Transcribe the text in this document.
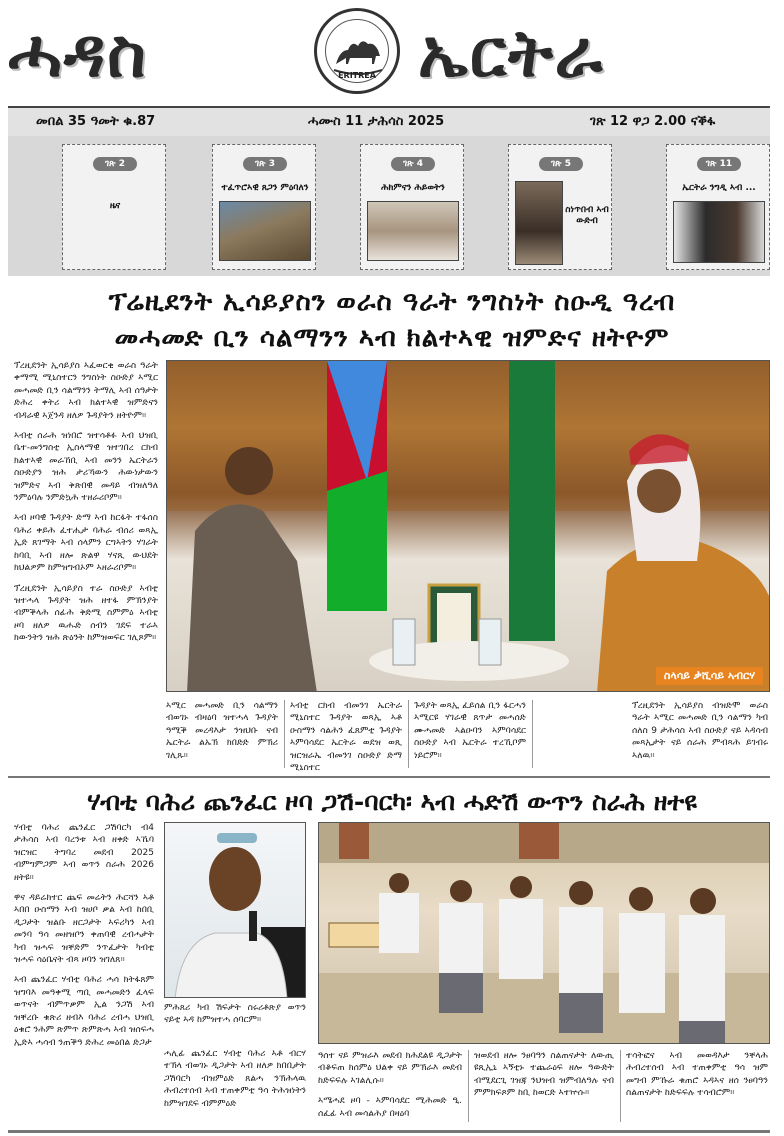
ሓዳስ	ERITREA ኤርትራ
መበል 35 ዓመት ቁ.87	ሓሙስ 11 ታሕሳስ 2025	ገጽ 12 ዋጋ 2.00 ናቕፋ
ገጽ 2
ዜና
ገጽ 3
ተፈጥሮኣዊ ጸጋን ምዕባለን
ገጽ 4
ሕክምናን ሕይወትን
ገጽ 5
ስነጥበብ ኣብ ውድብ
ገጽ 11
ኤርትራ ንግዲ ኣብ ...
ፕሬዚደንት ኢሳይያስን ወራስ ዓራት ንግስነት ስዑዲ ዓረብ
መሓመድ ቢን ሳልማንን ኣብ ክልተኣዊ ዝምድና ዘትዮም

ፕረዚደንት ኢሳይያስ ኣፈወርቂ ወራስ ዓራት ቀማሚ ሚኒስተርን ንግስነት ስዑድያ ኣሚር መሓመድ ቢን ሳልማንን ትማሊ ኣብ ሰዓታት ድሕረ ቀትሪ ኣብ ክልተኣዊ ዝምድናን ብዳራዊ ኣጀንዳ ዘለዎ ጉዳያትን ዘትዮም።

ኣብቲ ሰራሕ ዝነበሮ ዝተሳቶፉ ኣብ ህዝቢ ቤተ-መንግስቲ ኢስላማዊ ዝተገበረ ርክብ ክልተኣዊ መራኸቢ ኣብ መንን ኤርትራን ስዑድያን ዝሕ ታሪኻውን ሕውነታውን ዝምድና ኣብ ቅጽበዊ መዳይ ብዝለዓለ ንምዕባሉ ንምድኳሕ ተዘራሪቦም።

ኣብ ዞባዊ ጉዳያት ድማ ኣብ ከርፋት ተፋሰስ ባሕሪ ቀይሕ ፈተሒታ ባሕራ ብሰሪ ወጻኢ ኢድ ጸገማት ኣብ ሰላምን ርግኣትን ሃገራት ከባቢ ኣብ ዘሎ ጽልዋ ሃናጺ ውህደት ክህልዎም ከምዝግብኦም ኣዘራሪቦም።

ፕረዚደንት ኢሳይያስ ተራ ስዑድያ ኣብቲ ዝተሓላ ጉዳያት ዝሕ ዘተፋ ምኽንያት ብምቕላሕ ሰፊሕ ቅድሚ ስምምዕ ኣብቲ ዞባ ዘለዎ ዉሑድ ሰብን ገደፍ ተራኣ ክውንትን ዝሕ ጽዕንት ከምዝወፍር ገሊጾም።

ስላሳይ ቃሺሳይ ኣብርሃ
ኣሚር መሓመድ ቢን ሳልማን ብወገኑ ብዛዕባ ዝተሓላ ጉዳያት ዓሚቕ መረዳእታ ንዝህቡ ናብ ኤርትራ ልኡኽ ክበድድ ምኽሪ ገሊጹ።
ኣብቲ ርክብ ብመንገ ኤርትራ ሚኒስተር ጉዳያት ወጻኢ ኣቶ ዑስማን ሳልሕን ፈጸምቲ ጉዳያት ኣምባሳደር ኤርትራ ወደዝ ወጺ ዝርዝራኤ ብመንገ ስዑድያ ድማ ሚኒስተር
ጉዳያት ወጻኢ ፈይሰል ቢን ፋርሓን ኣሚርዩ ሃገራዊ ጸጥታ መሓሰድ ሙሓመድ ኣልዑባን ኣምባሳደር ስዑድያ ኣብ ኤርትራ ተረኺቦም ነይሮም።
ፕረዚደንት ኢሳይያስ ብዝድሞ ወራስ ዓራት ኣሚር መሓመድ ቢን ሳልማን ካብ ሰለስ 9 ታሕሳስ ኣብ ስዑድያ ናይ ኣዳሳብ መጻኢታት ናይ ሰራሕ ምብጻሕ ይገብሩ ኣለዉ።
ሃብቲ ባሕሪ ጨንፈር ዞባ ጋሽ-ባርካ፡ ኣብ ሓድሽ ውጥን ስራሕ ዘተዩ

ሃብቲ ባሕሪ ጨንፈር ጋሽባርካ ብ4 ታሕሳስ ኣብ ባረንቱ ኣብ ዘቀድ ኣኼባ ዝርዝር ትግባረ መደብ 2025 ብምግምጋም ኣብ ወጥን ስራሕ 2026 ዘትዩ።

ዋና ዳይሬክተር ጨፍ መሬትን ሕርሻን ኣቶ ኣበበ ዑስማን ኣብ ዝሀቦ ቃል ኣብ ከበቢ ዲጋታት ዝልቡ ዘርጋታት ኣፍሪካን ኣብ መንባ ዓሳ መዘዝቦን ቀጠባዊ ረብሓታት ካብ ዝሓፍ ዝቐድም ንጥፈታት ካብቲ ዝሓፍ ሳዕቤናት ብጻ ዞባን ዝገለጸ።

ኣብ ጨንፈር ሃብቲ ባሕሪ ሓሳ ክትፋጸም ዝግባእ መዓቀሚ ጣቢ መሓመድን ፈላፍ ወጥናት ብምጥቃም ኢል ንጋሽ ኣብ ዝቐረቡ ቁጽሪ ዘብእ ባሕሪ ረብሓ ህዝቢ ዕቁሮ ንሕም ጽምጥ ጽምጽሓ ኣብ ዝሰፍሓ ኢድኣ ሓሳብ ንጠቕዓ ድሕረ መዕበል ድጋታ

ምሕጸሪ ካብ ሽፍታት ስሩሪቶጽያ ወጥን ናይቲ ኣዳ ከምዝተሓ ሰባርም።
ሓሊፊ ጨንፈር ሃብቲ ባሕሪ ኣቶ ብርሃ ተኽላ ብወገኑ ዲጋታት ኣብ ዘለዎ ክበቢታት ጋሽባርካ ብዝምዕድ ጸልሓ ንኽሕላዉ ሕብረተሰብ ኣብ ተጠቀምቲ ዓሳ ትሕዝነትን ከምዝገደፍ ብምምዕድ

ዓሰተ ናይ ምዝራእ መደብ ክሕደልዩ ዲጋታት ብቆፍጠ ክሰምዕ ህልቀ ናይ ምኽራእ መደብ ከድፍፍሉ ኣገልሊሱ።

ኣሜሓደ ዞባ - ኣምባሳደር ሚሕመድ ዒ. ሰፈፊ ኣብ መሳልሕያ በዛዕባ

ዝወደብ ዘሎ ንፀባዓን ስልጠናታት ለውጢ ዩጺኢኒ ኣኝቲኑ ተጨራዕፍ ዘሎ ዓውድት ብሚደርጊ ገዝጃ ንህዝብ ዝምብለዓሉ ናብ ምምክፍጾም ከቢ ከወርድ ኣተኵሱ።
ተሳትፎና ኣብ መወዳእታ ንቐላሕ ሕብረተሰብ ኣብ ተጠቀምቲ ዓሳ ዝም መግብ ምኹራ ቁጠሮ ኣዳኣና ዘሰ ንፀባዓን ስልጠናታት ከድፍፍሉ ተሳብሮም።
